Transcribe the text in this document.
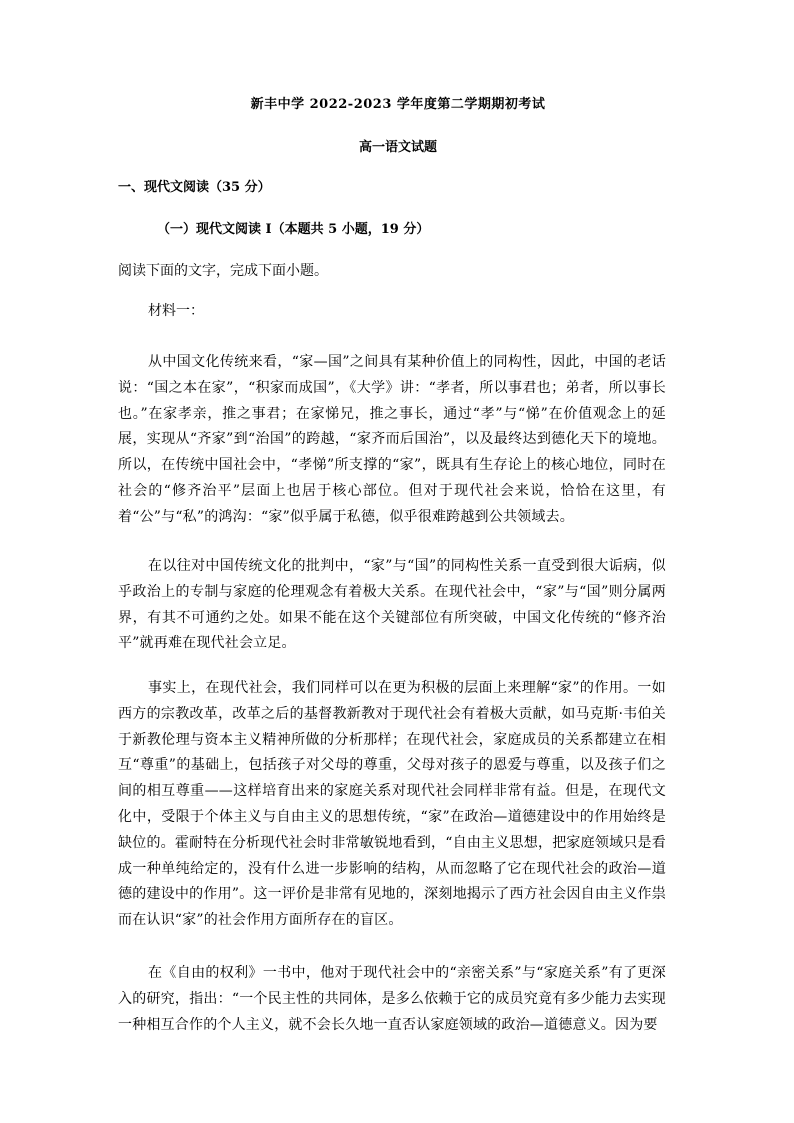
新丰中学 2022-2023 学年度第二学期期初考试
高一语文试题
一、现代文阅读（35 分）
（一）现代文阅读 I（本题共 5 小题，19 分）
阅读下面的文字，完成下面小题。
材料一：

从中国文化传统来看，“家—国”之间具有某种价值上的同构性，因此，中国的老话说：“国之本在家”，“积家而成国”，《大学》讲：“孝者，所以事君也；弟者，所以事长也。”在家孝亲，推之事君；在家悌兄，推之事长，通过“孝”与“悌”在价值观念上的延展，实现从“齐家”到“治国”的跨越，“家齐而后国治”，以及最终达到德化天下的境地。所以，在传统中国社会中，“孝悌”所支撑的“家”，既具有生存论上的核心地位，同时在社会的“修齐治平”层面上也居于核心部位。但对于现代社会来说，恰恰在这里，有着“公”与“私”的鸿沟：“家”似乎属于私德，似乎很难跨越到公共领域去。

在以往对中国传统文化的批判中，“家”与“国”的同构性关系一直受到很大诟病，似乎政治上的专制与家庭的伦理观念有着极大关系。在现代社会中，“家”与“国”则分属两界，有其不可通约之处。如果不能在这个关键部位有所突破，中国文化传统的“修齐治平”就再难在现代社会立足。

事实上，在现代社会，我们同样可以在更为积极的层面上来理解“家”的作用。一如西方的宗教改革，改革之后的基督教新教对于现代社会有着极大贡献，如马克斯·韦伯关于新教伦理与资本主义精神所做的分析那样；在现代社会，家庭成员的关系都建立在相互“尊重”的基础上，包括孩子对父母的尊重，父母对孩子的恩爱与尊重，以及孩子们之间的相互尊重——这样培育出来的家庭关系对现代社会同样非常有益。但是，在现代文化中，受限于个体主义与自由主义的思想传统，“家”在政治—道德建设中的作用始终是缺位的。霍耐特在分析现代社会时非常敏锐地看到，“自由主义思想，把家庭领域只是看成一种单纯给定的，没有什么进一步影响的结构，从而忽略了它在现代社会的政治—道德的建设中的作用”。这一评价是非常有见地的，深刻地揭示了西方社会因自由主义作祟而在认识“家”的社会作用方面所存在的盲区。

在《自由的权利》一书中，他对于现代社会中的“亲密关系”与“家庭关系”有了更深入的研究，指出：“一个民主性的共同体，是多么依赖于它的成员究竟有多少能力去实现一种相互合作的个人主义，就不会长久地一直否认家庭领域的政治—道德意义。因为要
